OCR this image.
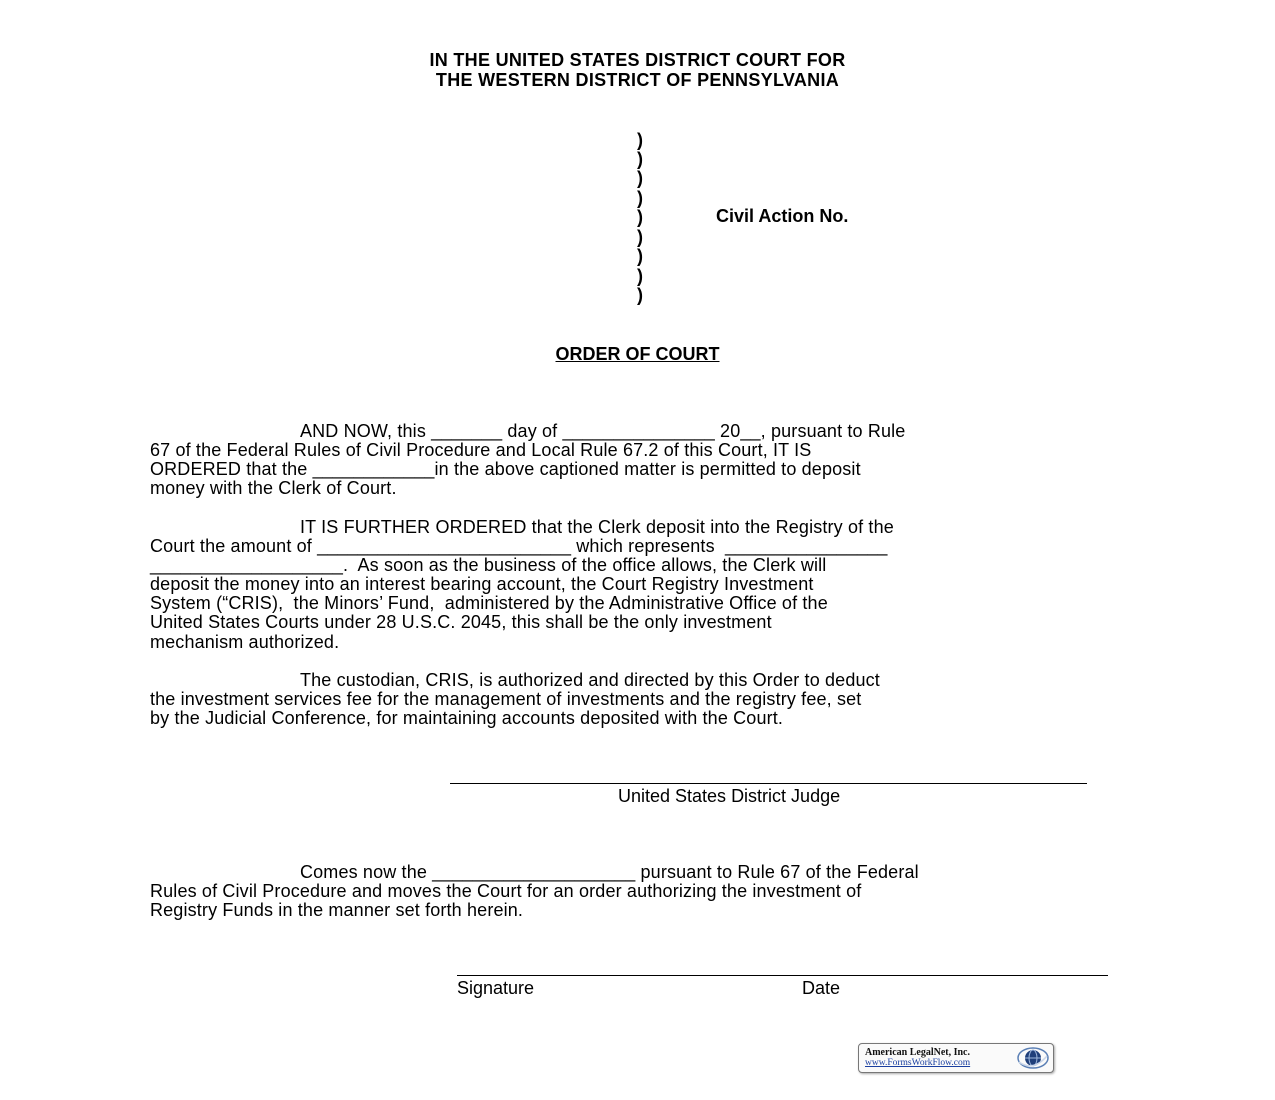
IN THE UNITED STATES DISTRICT COURT FOR
THE WESTERN DISTRICT OF PENNSYLVANIA
)
)
)
)
)
)
)
)
)
Civil Action No.
ORDER OF COURT
AND NOW, this _______ day of _______________ 20__, pursuant to Rule
67 of the Federal Rules of Civil Procedure and Local Rule 67.2 of this Court, IT IS
ORDERED that the ____________in the above captioned matter is permitted to deposit
money with the Clerk of Court.
IT IS FURTHER ORDERED that the Clerk deposit into the Registry of the
Court the amount of _________________________ which represents  ________________
___________________.  As soon as the business of the office allows, the Clerk will
deposit the money into an interest bearing account, the Court Registry Investment
System (“CRIS),  the Minors’ Fund,  administered by the Administrative Office of the
United States Courts under 28 U.S.C. 2045, this shall be the only investment
mechanism authorized.
The custodian, CRIS, is authorized and directed by this Order to deduct
the investment services fee for the management of investments and the registry fee, set
by the Judicial Conference, for maintaining accounts deposited with the Court.
United States District Judge
Comes now the ____________________ pursuant to Rule 67 of the Federal
Rules of Civil Procedure and moves the Court for an order authorizing the investment of
Registry Funds in the manner set forth herein.
Signature	Date
American LegalNet, Inc.
www.FormsWorkFlow.com
